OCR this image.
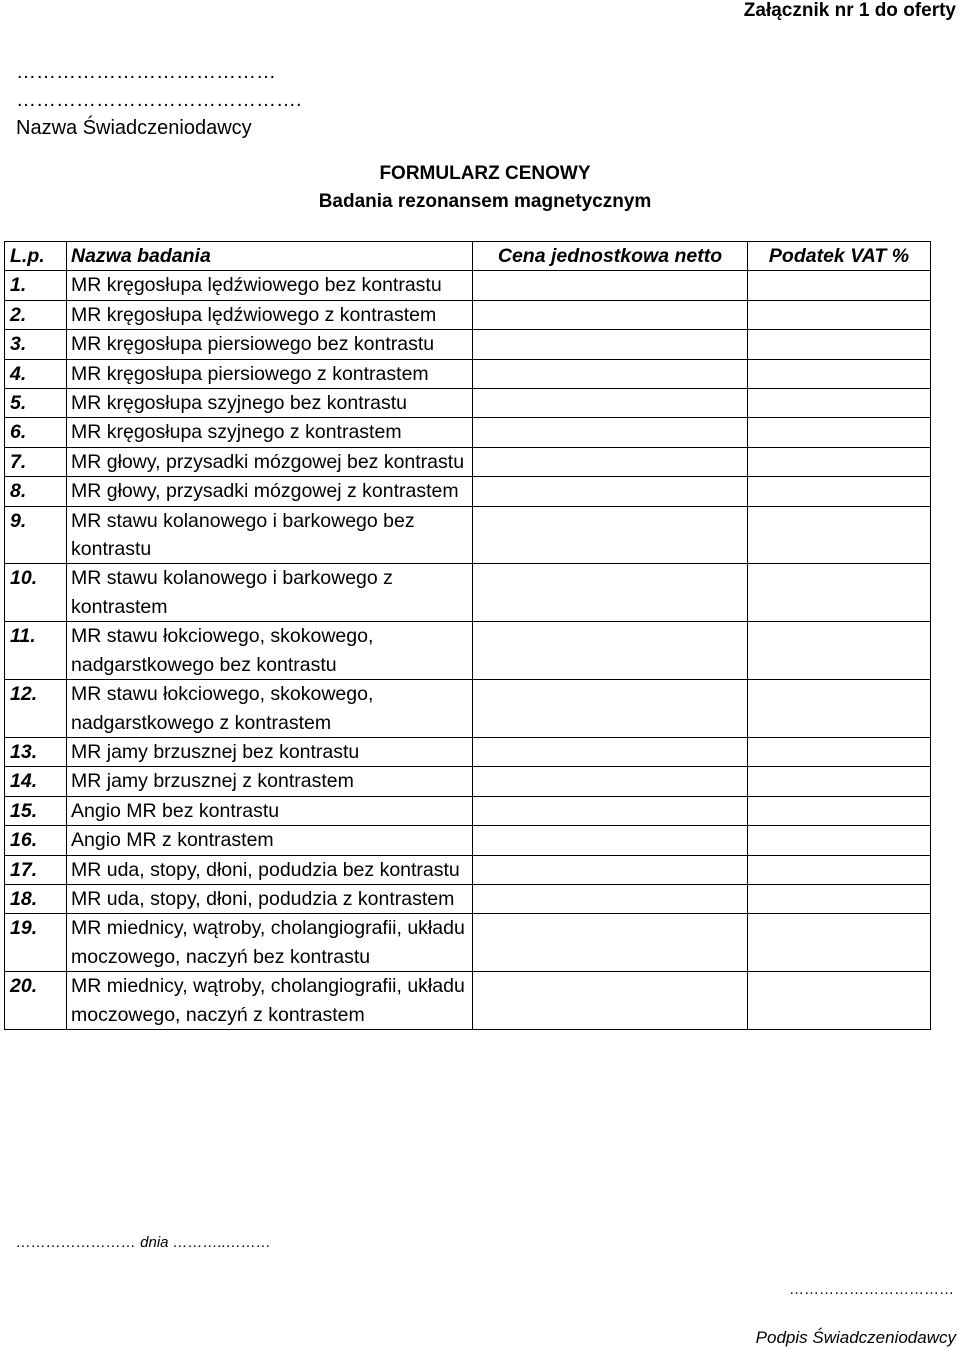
Załącznik nr 1 do oferty
…………………………………
…………………………………….
Nazwa Świadczeniodawcy
FORMULARZ CENOWY
Badania rezonansem magnetycznym
L.p.	Nazwa badania	Cena jednostkowa netto	Podatek VAT %
1.	MR kręgosłupa lędźwiowego bez kontrastu		
2.	MR kręgosłupa lędźwiowego z kontrastem		
3.	MR kręgosłupa piersiowego bez kontrastu		
4.	MR kręgosłupa piersiowego z kontrastem		
5.	MR kręgosłupa szyjnego bez kontrastu		
6.	MR kręgosłupa szyjnego z kontrastem		
7.	MR głowy, przysadki mózgowej bez kontrastu		
8.	MR głowy, przysadki mózgowej z kontrastem		
9.	MR stawu kolanowego i barkowego bez kontrastu		
10.	MR stawu kolanowego i barkowego z kontrastem		
11.	MR stawu łokciowego, skokowego, nadgarstkowego bez kontrastu		
12.	MR stawu łokciowego, skokowego, nadgarstkowego z kontrastem		
13.	MR jamy brzusznej bez kontrastu		
14.	MR jamy brzusznej z kontrastem		
15.	Angio MR bez kontrastu		
16.	Angio MR z kontrastem		
17.	MR uda, stopy, dłoni, podudzia bez kontrastu		
18.	MR uda, stopy, dłoni, podudzia z kontrastem		
19.	MR miednicy, wątroby, cholangiografii, układu moczowego, naczyń bez kontrastu		
20.	MR miednicy, wątroby, cholangiografii, układu moczowego, naczyń z kontrastem		
…………………… dnia ………..………
……………………………
Podpis Świadczeniodawcy
